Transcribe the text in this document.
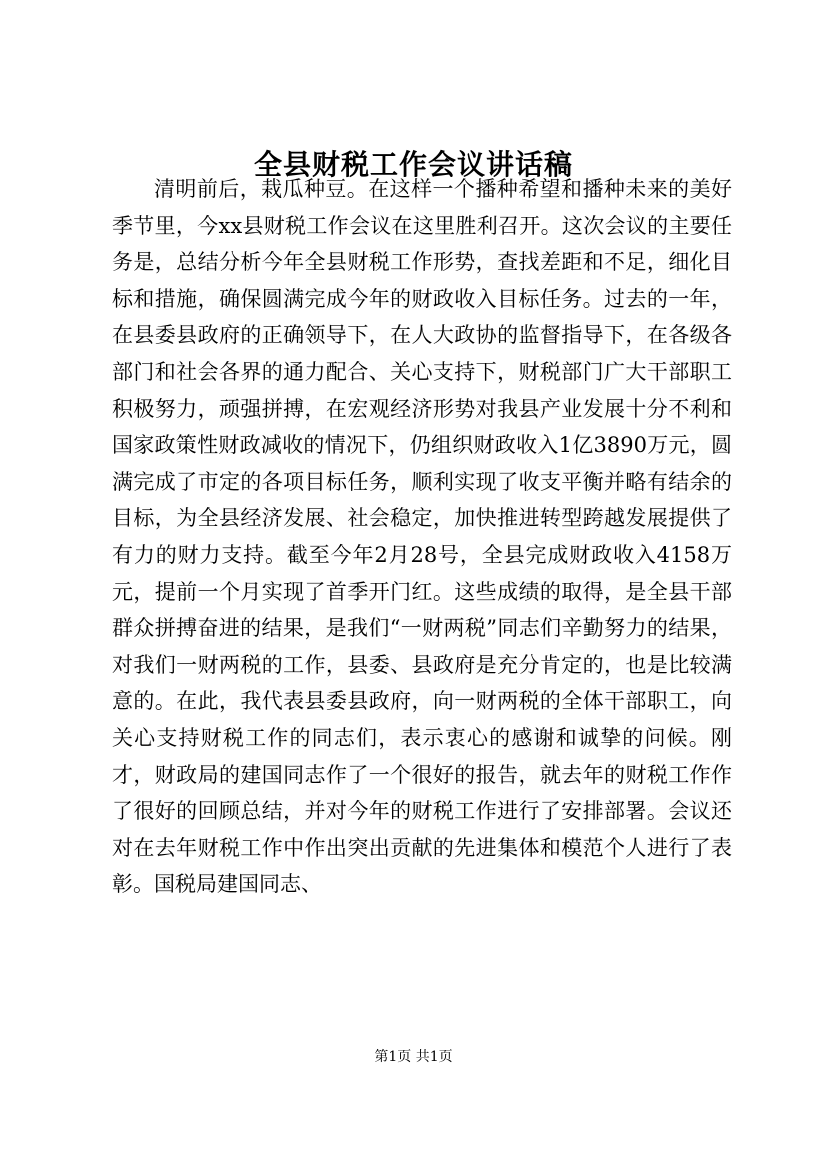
全县财税工作会议讲话稿

清明前后，栽瓜种豆。在这样一个播种希望和播种未来的美好季节里，今xx县财税工作会议在这里胜利召开。这次会议的主要任务是，总结分析今年全县财税工作形势，查找差距和不足，细化目标和措施，确保圆满完成今年的财政收入目标任务。过去的一年，在县委县政府的正确领导下，在人大政协的监督指导下，在各级各部门和社会各界的通力配合、关心支持下，财税部门广大干部职工积极努力，顽强拼搏，在宏观经济形势对我县产业发展十分不利和国家政策性财政减收的情况下，仍组织财政收入1亿3890万元，圆满完成了市定的各项目标任务，顺利实现了收支平衡并略有结余的目标，为全县经济发展、社会稳定，加快推进转型跨越发展提供了有力的财力支持。截至今年2月28号，全县完成财政收入4158万元，提前一个月实现了首季开门红。这些成绩的取得，是全县干部群众拼搏奋进的结果，是我们“一财两税”同志们辛勤努力的结果，对我们一财两税的工作，县委、县政府是充分肯定的，也是比较满意的。在此，我代表县委县政府，向一财两税的全体干部职工，向关心支持财税工作的同志们，表示衷心的感谢和诚挚的问候。刚才，财政局的建国同志作了一个很好的报告，就去年的财税工作作了很好的回顾总结，并对今年的财税工作进行了安排部署。会议还对在去年财税工作中作出突出贡献的先进集体和模范个人进行了表彰。国税局建国同志、

第1页 共1页
